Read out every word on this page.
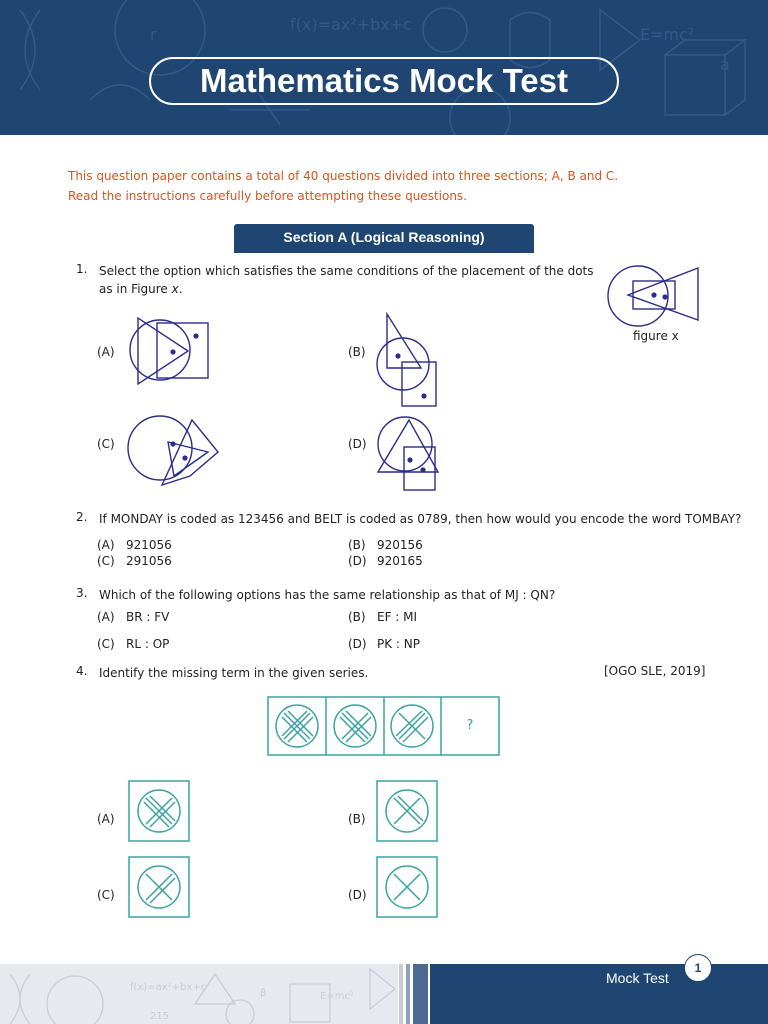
f(x)=ax²+bx+c
E=mc²
a
r
Mathematics Mock Test
This question paper contains a total of 40 questions divided into three sections; A, B and C.
Read the instructions carefully before attempting these questions.
Section A (Logical Reasoning)
1. Select the option which satisfies the same conditions of the placement of the dots
as in Figure x.
figure x
(A)	(B)
(C)	(D)
2. If MONDAY is coded as 123456 and BELT is coded as 0789, then how would you encode the word TOMBAY?
(A) 921056	(B) 920156
(C) 291056	(D) 920165
3. Which of the following options has the same relationship as that of MJ : QN?
(A) BR : FV	(B) EF : MI
(C) RL : OP	(D) PK : NP
4. Identify the missing term in the given series.	[OGO SLE, 2019]
?
(A)	(B)
(C)	(D)
f(x)=ax²+bx+c
E=mc²
β
215
Mock Test
1
